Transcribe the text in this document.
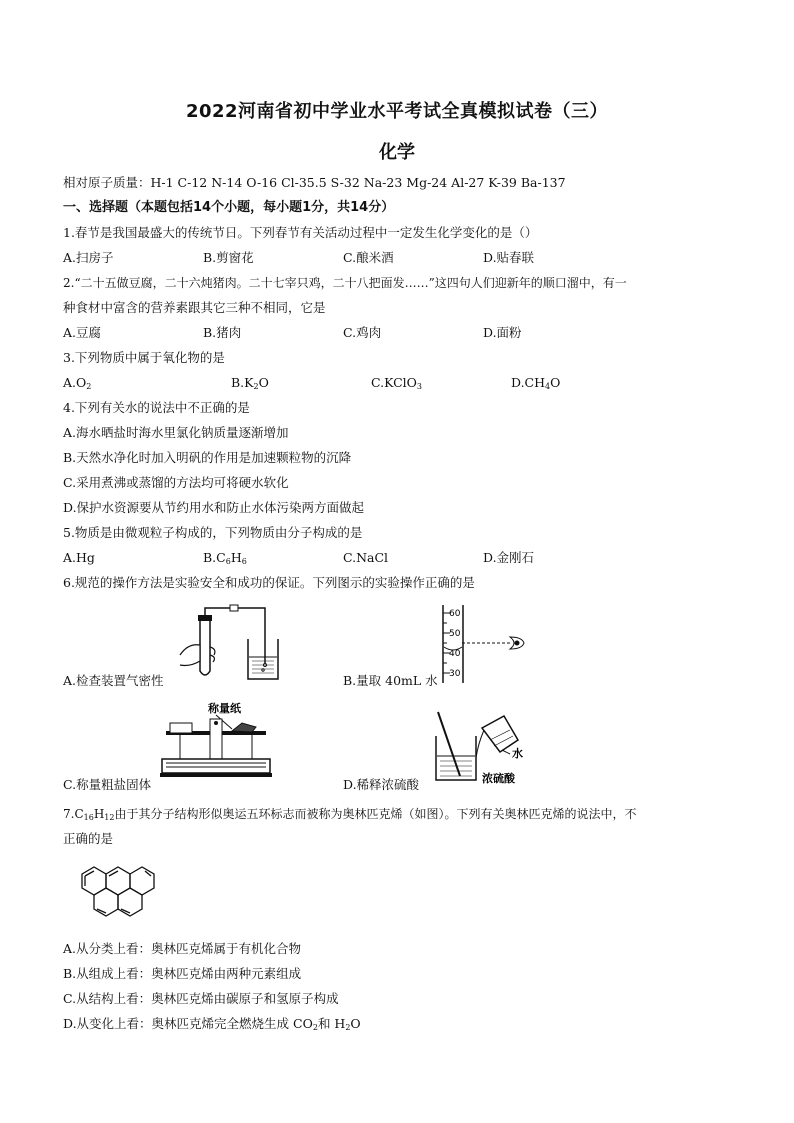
2022河南省初中学业水平考试全真模拟试卷（三）
化学
相对原子质量：H-1 C-12 N-14 O-16 Cl-35.5 S-32 Na-23 Mg-24 Al-27 K-39 Ba-137
一、选择题（本题包括14个小题，每小题1分，共14分）
1.春节是我国最盛大的传统节日。下列春节有关活动过程中一定发生化学变化的是（）
A.扫房子	B.剪窗花	C.酿米酒	D.贴春联
2.“二十五做豆腐，二十六炖猪肉。二十七宰只鸡，二十八把面发……”这四句人们迎新年的顺口溜中，有一
种食材中富含的营养素跟其它三种不相同，它是
A.豆腐	B.猪肉	C.鸡肉	D.面粉
3.下列物质中属于氧化物的是
$A.O_2$	$B.K_2O$	C.KClO$_3$	$D.CH_4O$
4.下列有关水的说法中不正确的是
A.海水晒盐时海水里氯化钠质量逐渐增加
B.天然水净化时加入明矾的作用是加速颗粒物的沉降
C.采用煮沸或蒸馏的方法均可将硬水软化
D.保护水资源要从节约用水和防止水体污染两方面做起
5.物质是由微观粒子构成的，下列物质由分子构成的是
A.Hg	$B.C_6H_6$	C.NaCl	D.金刚石
6.规范的操作方法是实验安全和成功的保证。下列图示的实验操作正确的是
A.检查装置气密性
60
50
40
30
B.量取 40mL 水
称量纸
C.称量粗盐固体
水
浓硫酸
D.稀释浓硫酸
$7.C_{16}H_{12}$由于其分子结构形似奥运五环标志而被称为奥林匹克烯（如图）。下列有关奥林匹克烯的说法中，不
正确的是
A.从分类上看：奥林匹克烯属于有机化合物
B.从组成上看：奥林匹克烯由两种元素组成
C.从结构上看：奥林匹克烯由碳原子和氢原子构成
D.从变化上看：奥林匹克烯完全燃烧生成 $CO_2$和 $H_2O$
